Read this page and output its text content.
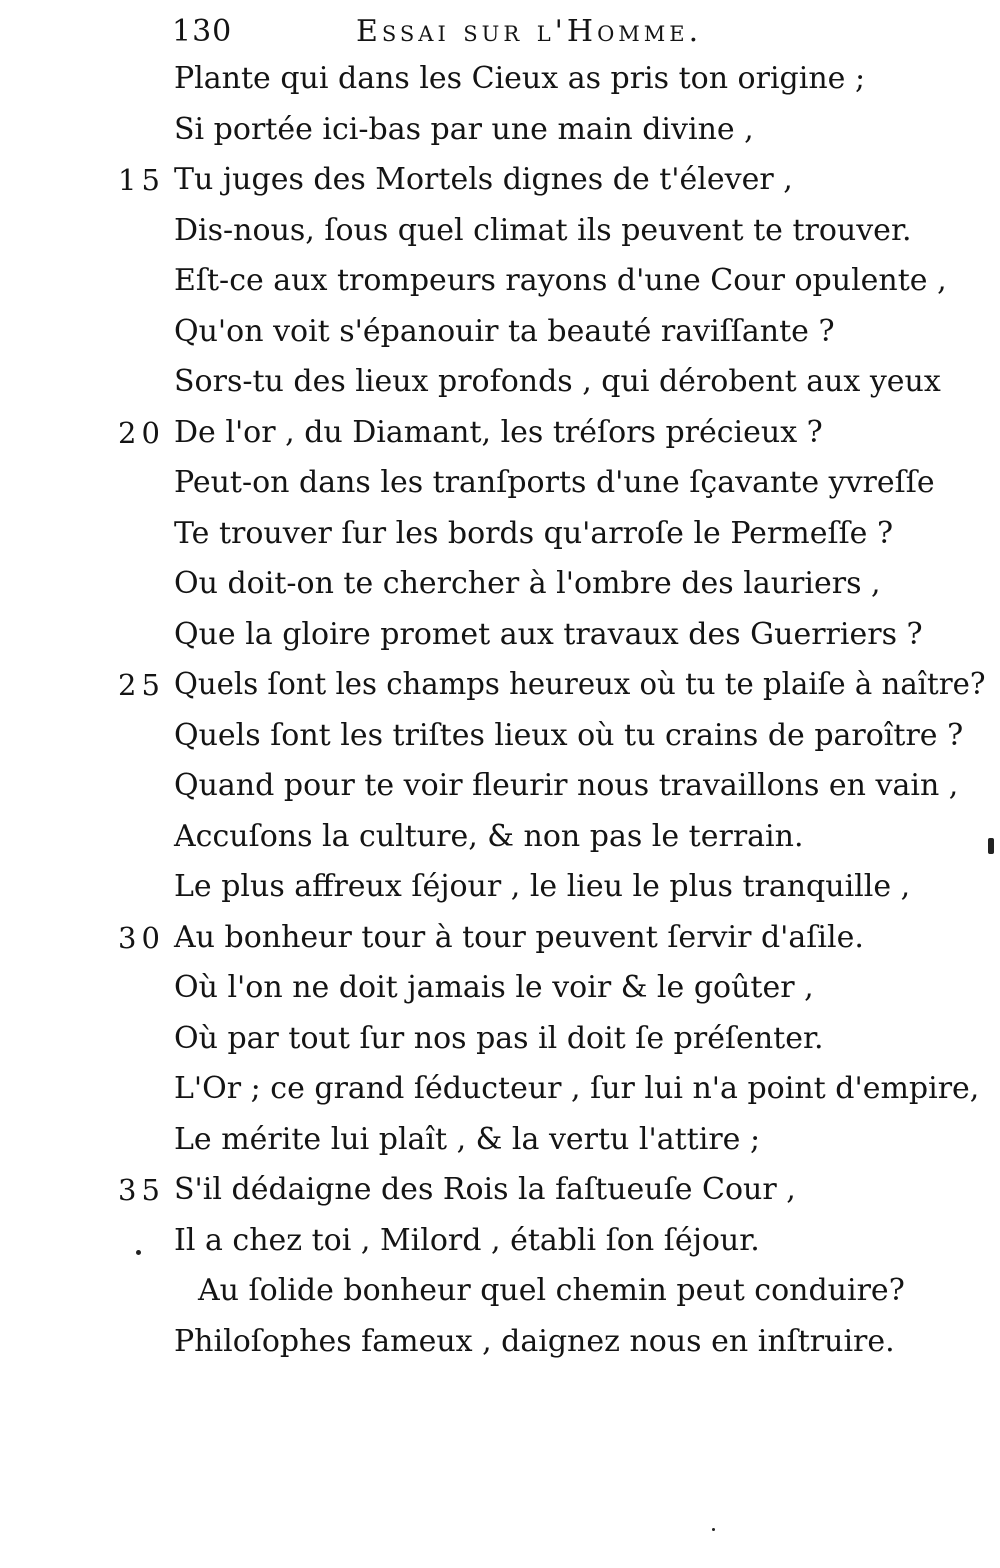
130	Essai sur l'Homme.
Plante qui dans les Cieux as pris ton origine ;
Si portée ici-bas par une main divine ,
15 Tu juges des Mortels dignes de t'élever ,
Dis-nous, ſous quel climat ils peuvent te trouver.
Eſt-ce aux trompeurs rayons d'une Cour opulente ,
Qu'on voit s'épanouir ta beauté raviſſante ?
Sors-tu des lieux profonds , qui dérobent aux yeux
20 De l'or , du Diamant, les tréſors précieux ?
Peut-on dans les tranſports d'une ſçavante yvreſſe
Te trouver ſur les bords qu'arroſe le Permeſſe ?
Ou doit-on te chercher à l'ombre des lauriers ,
Que la gloire promet aux travaux des Guerriers ?
25 Quels ſont les champs heureux où tu te plaiſe à naître?
Quels ſont les triſtes lieux où tu crains de paroître ?
Quand pour te voir fleurir nous travaillons en vain ,
Accuſons la culture, & non pas le terrain.
Le plus affreux ſéjour , le lieu le plus tranquille ,
30 Au bonheur tour à tour peuvent ſervir d'aſile.
Où l'on ne doit jamais le voir & le goûter ,
Où par tout ſur nos pas il doit ſe préſenter.
L'Or ; ce grand ſéducteur , ſur lui n'a point d'empire,
Le mérite lui plaît , & la vertu l'attire ;
35 S'il dédaigne des Rois la faſtueuſe Cour ,
Il a chez toi , Milord , établi ſon ſéjour.
Au ſolide bonheur quel chemin peut conduire?
Philoſophes fameux , daignez nous en inſtruire.
